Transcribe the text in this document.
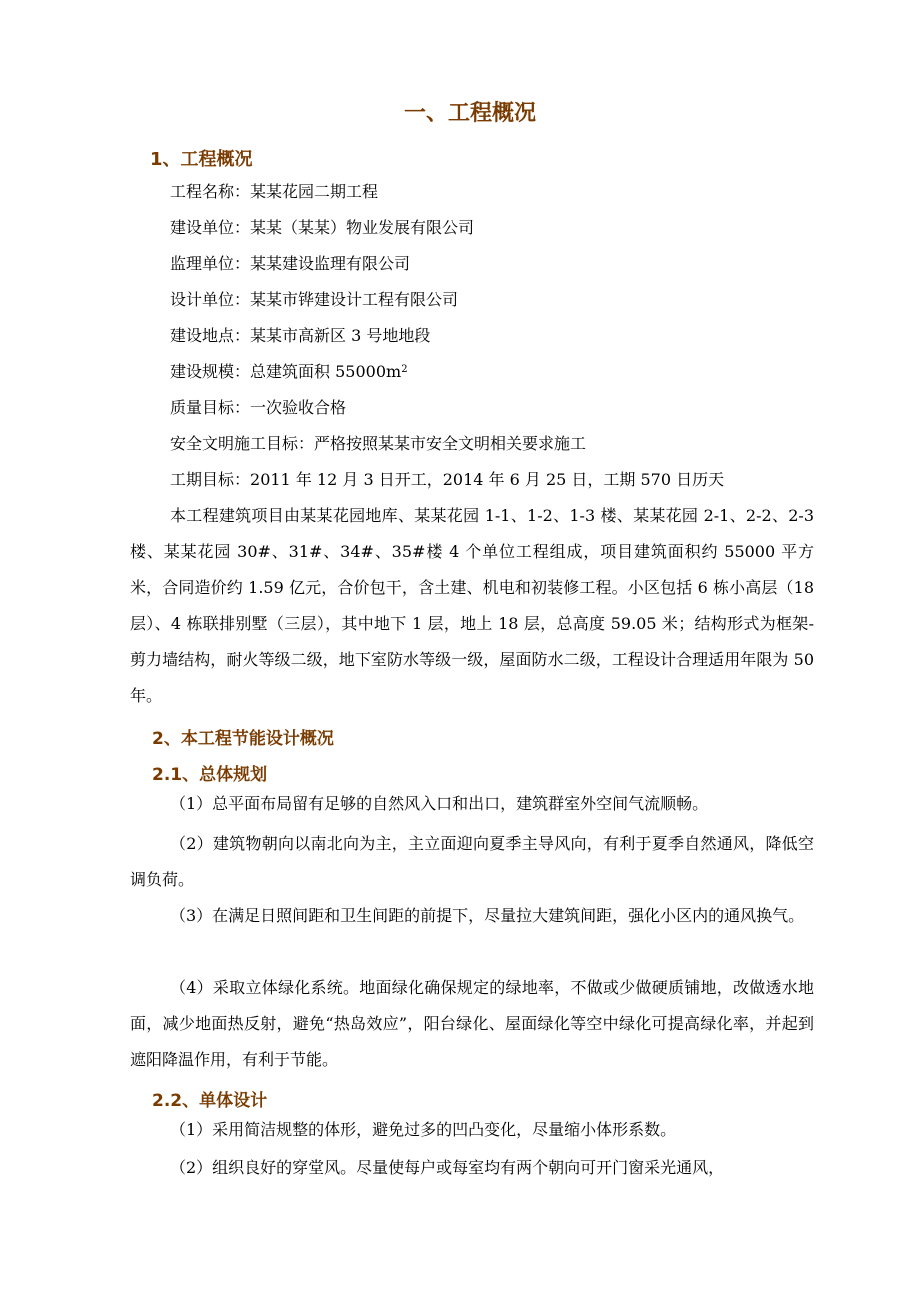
一、工程概况
1、工程概况
工程名称：某某花园二期工程
建设单位：某某（某某）物业发展有限公司
监理单位：某某建设监理有限公司
设计单位：某某市铧建设计工程有限公司
建设地点：某某市高新区 3 号地地段
建设规模：总建筑面积 $55000m^2$
质量目标：一次验收合格
安全文明施工目标：严格按照某某市安全文明相关要求施工
工期目标：2011 年 12 月 3 日开工，2014 年 6 月 25 日，工期 570 日历天

本工程建筑项目由某某花园地库、某某花园 1-1、1-2、1-3 楼、某某花园 2-1、2-2、2-3 楼、某某花园 30#、31#、34#、35#楼 4 个单位工程组成，项目建筑面积约 55000 平方米，合同造价约 1.59 亿元，合价包干，含土建、机电和初装修工程。小区包括 6 栋小高层（18 层）、4 栋联排别墅（三层），其中地下 1 层，地上 18 层，总高度 59.05 米；结构形式为框架-剪力墙结构，耐火等级二级，地下室防水等级一级，屋面防水二级，工程设计合理适用年限为 50 年。

2、本工程节能设计概况
2.1、总体规划

（1）总平面布局留有足够的自然风入口和出口，建筑群室外空间气流顺畅。

（2）建筑物朝向以南北向为主，主立面迎向夏季主导风向，有利于夏季自然通风，降低空调负荷。

（3）在满足日照间距和卫生间距的前提下，尽量拉大建筑间距，强化小区内的通风换气。

（4）采取立体绿化系统。地面绿化确保规定的绿地率，不做或少做硬质铺地，改做透水地面，减少地面热反射，避免“热岛效应”，阳台绿化、屋面绿化等空中绿化可提高绿化率，并起到遮阳降温作用，有利于节能。

2.2、单体设计

（1）采用简洁规整的体形，避免过多的凹凸变化，尽量缩小体形系数。

（2）组织良好的穿堂风。尽量使每户或每室均有两个朝向可开门窗采光通风，
